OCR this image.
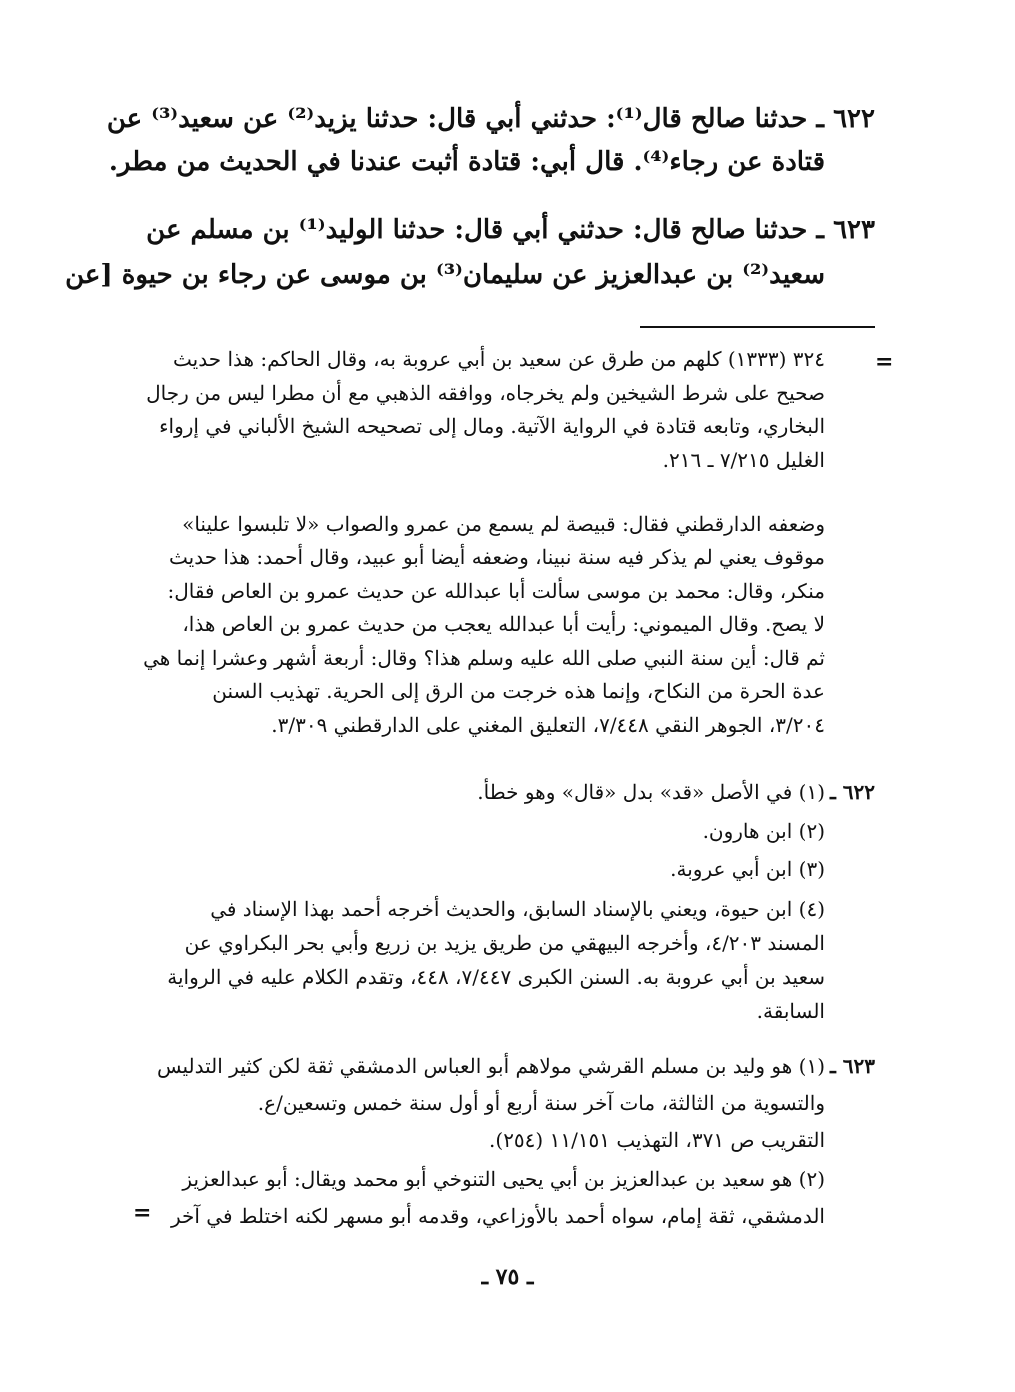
٦٢٢ ـ حدثنا صالح قال⁽¹⁾: حدثني أبي قال: حدثنا يزيد⁽²⁾ عن سعيد⁽³⁾ عن

قتادة عن رجاء⁽⁴⁾. قال أبي: قتادة أثبت عندنا في الحديث من مطر.

٦٢٣ ـ حدثنا صالح قال: حدثني أبي قال: حدثنا الوليد⁽¹⁾ بن مسلم عن

سعيد⁽²⁾ بن عبدالعزيز عن سليمان⁽³⁾ بن موسى عن رجاء بن حيوة [عن

=

٣٢٤ (١٣٣٣) كلهم من طرق عن سعيد بن أبي عروبة به، وقال الحاكم: هذا حديث

صحيح على شرط الشيخين ولم يخرجاه، ووافقه الذهبي مع أن مطرا ليس من رجال

البخاري، وتابعه قتادة في الرواية الآتية. ومال إلى تصحيحه الشيخ الألباني في إرواء

الغليل ٧/٢١٥ ـ ٢١٦.

وضعفه الدارقطني فقال: قبيصة لم يسمع من عمرو والصواب «لا تلبسوا علينا»

موقوف يعني لم يذكر فيه سنة نبينا، وضعفه أيضا أبو عبيد، وقال أحمد: هذا حديث

منكر، وقال: محمد بن موسى سألت أبا عبدالله عن حديث عمرو بن العاص فقال:

لا يصح. وقال الميموني: رأيت أبا عبدالله يعجب من حديث عمرو بن العاص هذا،

ثم قال: أين سنة النبي صلى الله عليه وسلم هذا؟ وقال: أربعة أشهر وعشرا إنما هي

عدة الحرة من النكاح، وإنما هذه خرجت من الرق إلى الحرية. تهذيب السنن

٣/٢٠٤، الجوهر النقي ٧/٤٤٨، التعليق المغني على الدارقطني ٣/٣٠٩.

٦٢٢ ـ

(١) في الأصل «قد» بدل «قال» وهو خطأ.

(٢) ابن هارون.

(٣) ابن أبي عروبة.

(٤) ابن حيوة، ويعني بالإسناد السابق، والحديث أخرجه أحمد بهذا الإسناد في

المسند ٤/٢٠٣، وأخرجه البيهقي من طريق يزيد بن زريع وأبي بحر البكراوي عن

سعيد بن أبي عروبة به. السنن الكبرى ٧/٤٤٧، ٤٤٨، وتقدم الكلام عليه في الرواية

السابقة.

٦٢٣ ـ

(١) هو وليد بن مسلم القرشي مولاهم أبو العباس الدمشقي ثقة لكن كثير التدليس

والتسوية من الثالثة، مات آخر سنة أربع أو أول سنة خمس وتسعين/ع.

التقريب ص ٣٧١، التهذيب ١١/١٥١ (٢٥٤).

(٢) هو سعيد بن عبدالعزيز بن أبي يحيى التنوخي أبو محمد ويقال: أبو عبدالعزيز

الدمشقي، ثقة إمام، سواه أحمد بالأوزاعي، وقدمه أبو مسهر لكنه اختلط في آخر

=
ـ ٧٥ ـ
